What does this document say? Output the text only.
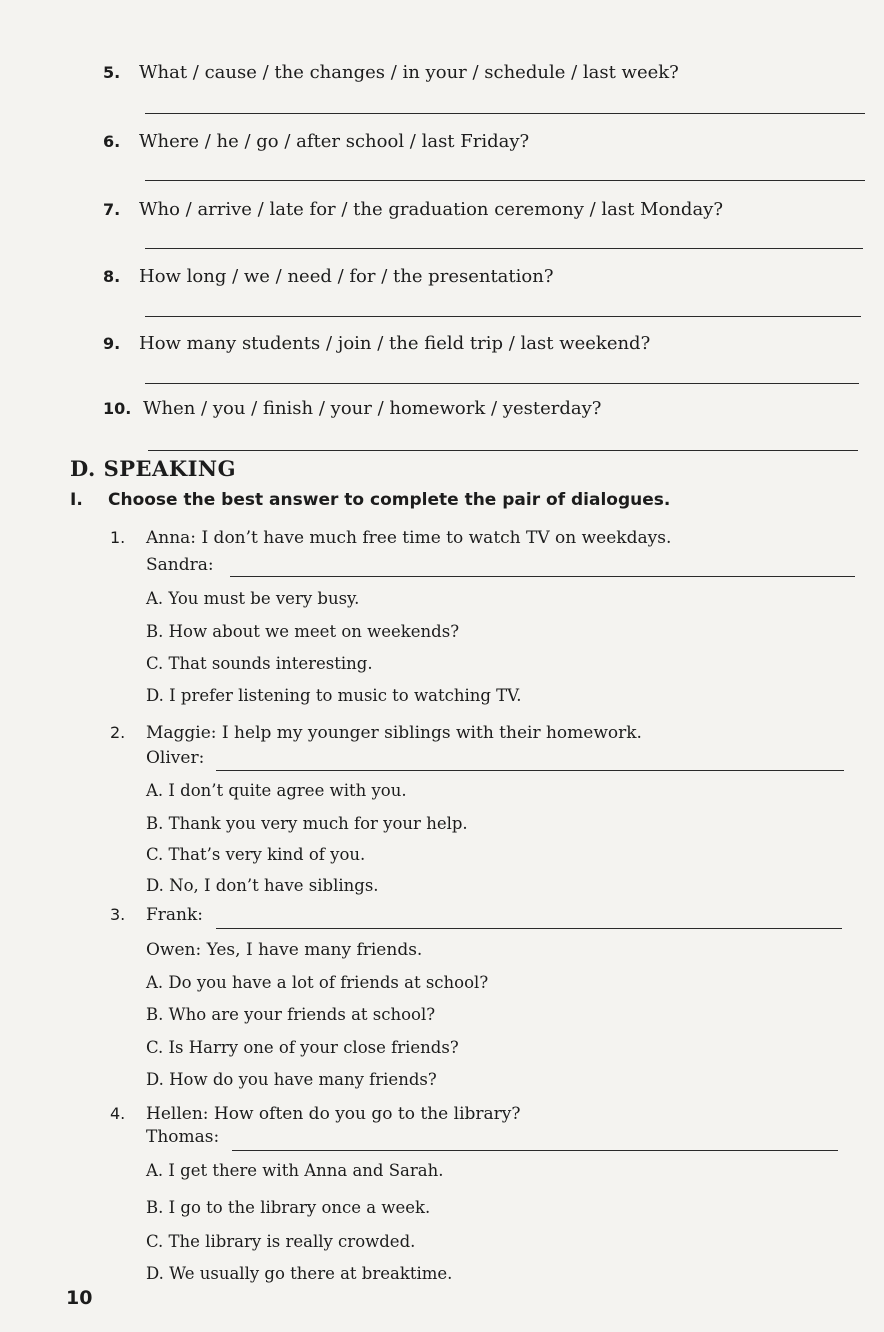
5. What / cause / the changes / in your / schedule / last week?
6. Where / he / go / after school / last Friday?
7. Who / arrive / late for / the graduation ceremony / last Monday?
8. How long / we / need / for / the presentation?
9. How many students / join / the field trip / last weekend?
10. When / you / finish / your / homework / yesterday?
D. SPEAKING
I. Choose the best answer to complete the pair of dialogues.
1. Anna: I don’t have much free time to watch TV on weekdays.
Sandra:
A. You must be very busy.
B. How about we meet on weekends?
C. That sounds interesting.
D. I prefer listening to music to watching TV.
2. Maggie: I help my younger siblings with their homework.
Oliver:
A. I don’t quite agree with you.
B. Thank you very much for your help.
C. That’s very kind of you.
D. No, I don’t have siblings.
3. Frank:
Owen: Yes, I have many friends.
A. Do you have a lot of friends at school?
B. Who are your friends at school?
C. Is Harry one of your close friends?
D. How do you have many friends?
4. Hellen: How often do you go to the library?
Thomas:
A. I get there with Anna and Sarah.
B. I go to the library once a week.
C. The library is really crowded.
D. We usually go there at breaktime.
10
